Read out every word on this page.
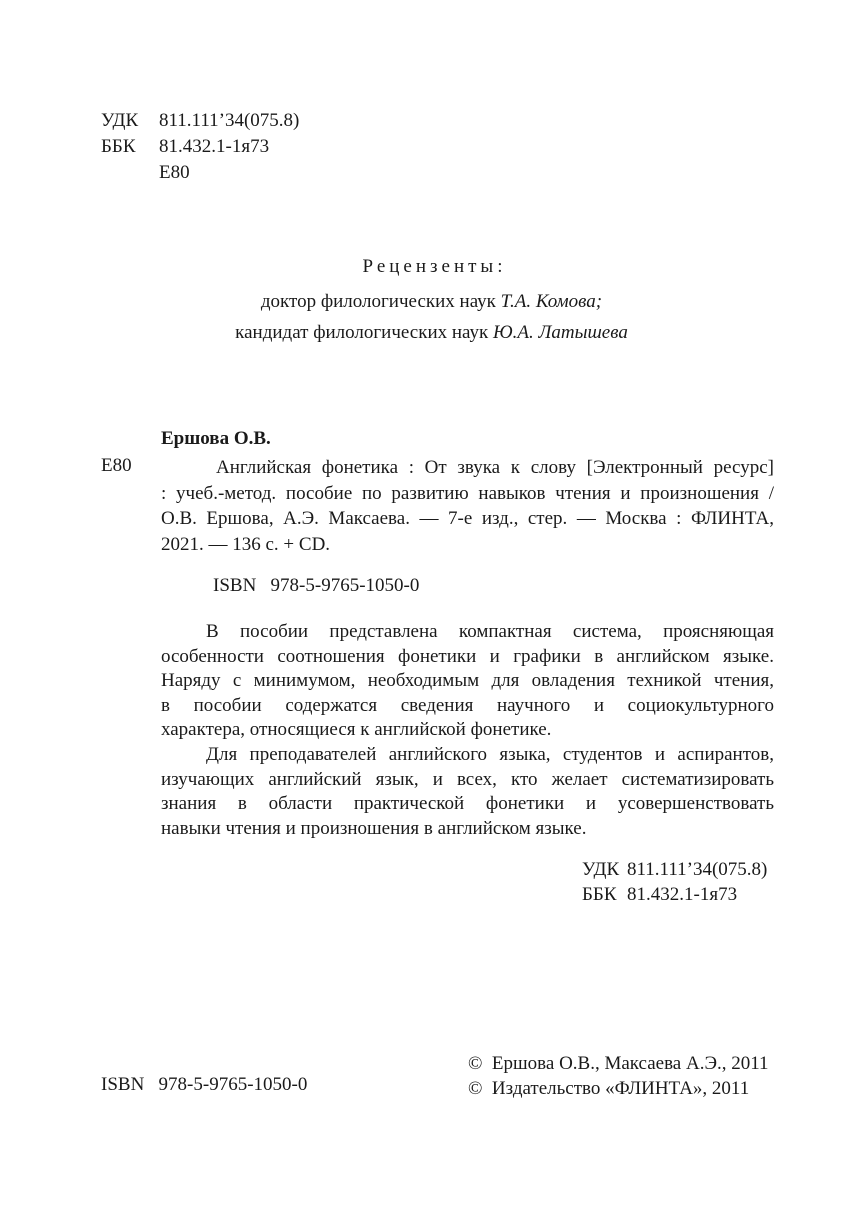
УДК 811.111’34(075.8)
ББК 81.432.1-1я73
Е80
Рецензенты:
доктор филологических наук Т.А. Комова;
кандидат филологических наук Ю.А. Латышева
Ершова О.В.
Е80	Английская фонетика : От звука к слову [Электронный ресурс]
: учеб.-метод. пособие по развитию навыков чтения и произношения /
О.В. Ершова, А.Э. Максаева. — 7-е изд., стер. — Москва : ФЛИНТА,
2021. — 136 с. + CD.
ISBN   978-5-9765-1050-0
В пособии представлена компактная система, проясняющая
особенности соотношения фонетики и графики в английском языке.
Наряду с минимумом, необходимым для овладения техникой чтения,
в пособии содержатся сведения научного и социокультурного
характера, относящиеся к английской фонетике.
Для преподавателей английского языка, студентов и аспирантов,
изучающих английский язык, и всех, кто желает систематизировать
знания в области практической фонетики и усовершенствовать
навыки чтения и произношения в английском языке.
УДК 811.111’34(075.8)
ББК 81.432.1-1я73
ISBN   978-5-9765-1050-0
©  Ершова О.В., Максаева А.Э., 2011
©  Издательство «ФЛИНТА», 2011
